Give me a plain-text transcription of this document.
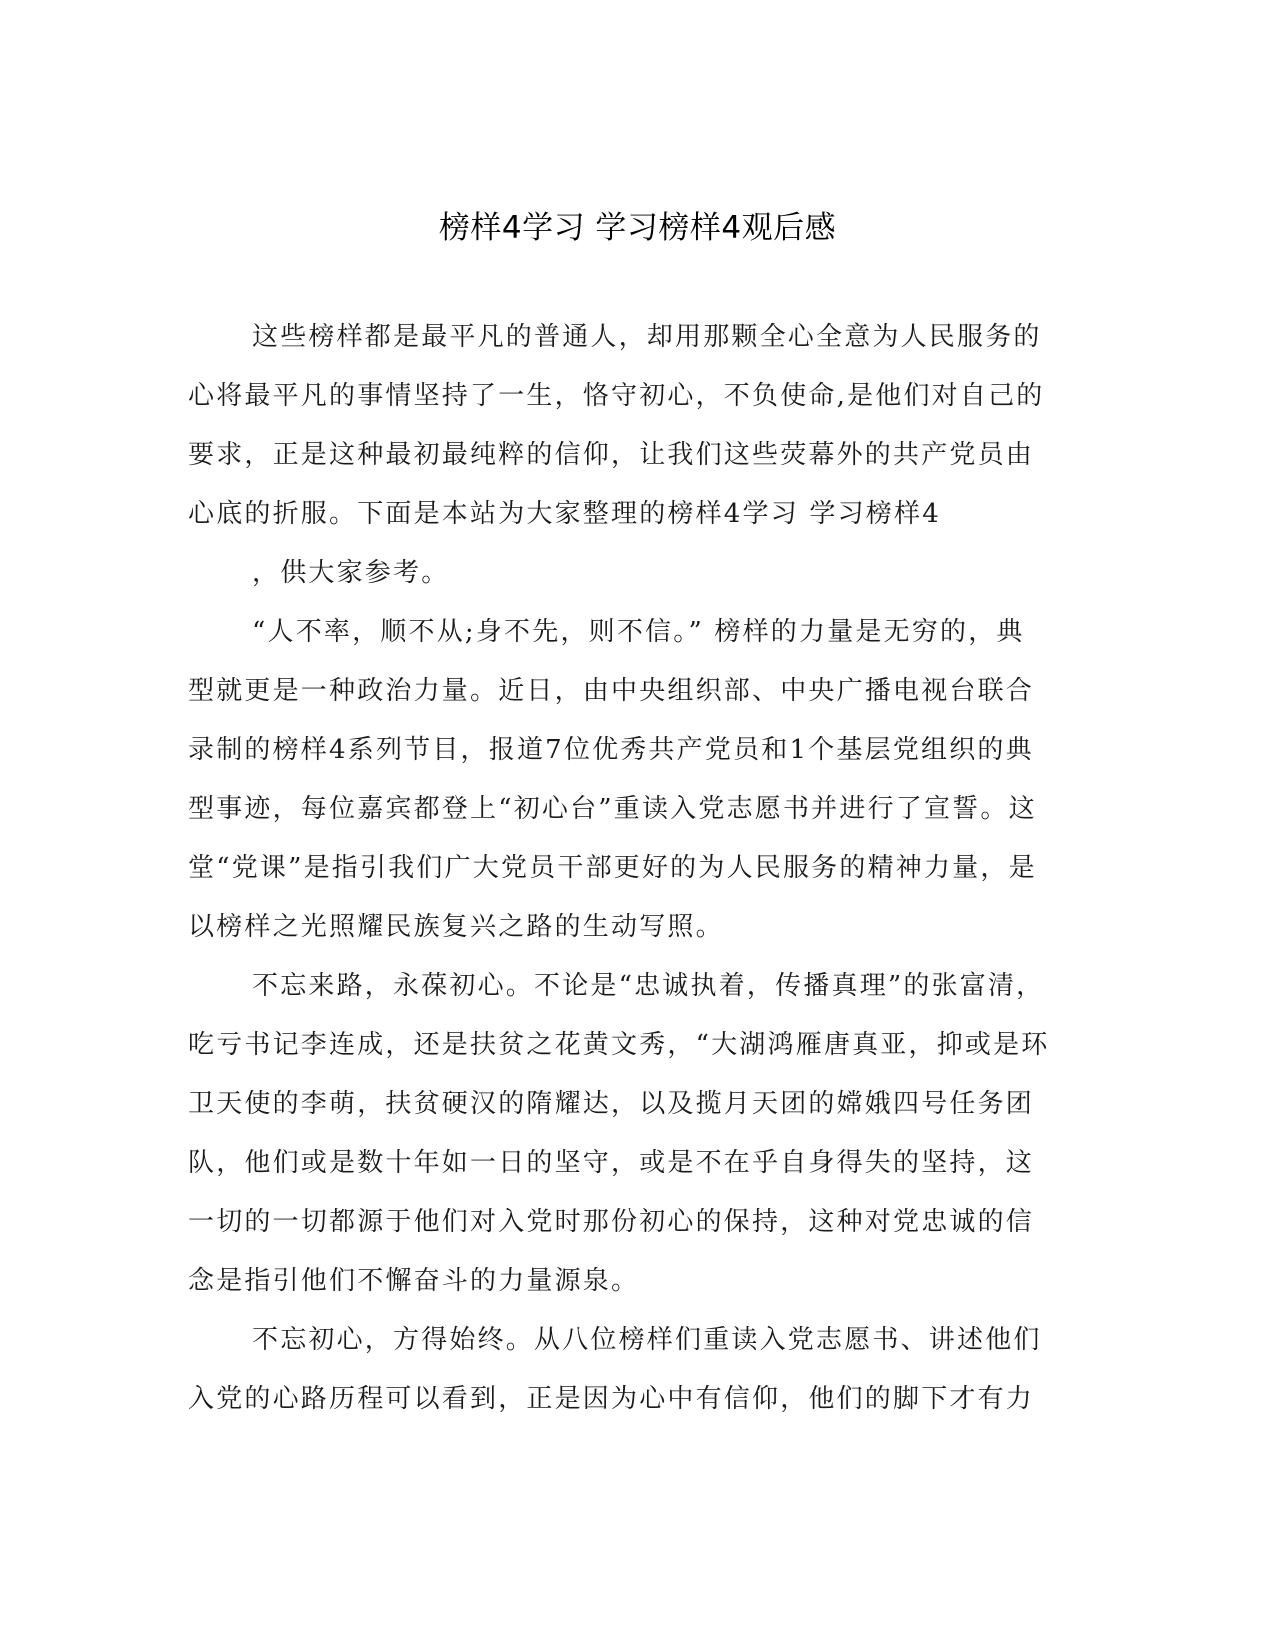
榜样4学习 学习榜样4观后感
这些榜样都是最平凡的普通人，却用那颗全心全意为人民服务的
心将最平凡的事情坚持了一生，恪守初心，不负使命,是他们对自己的
要求，正是这种最初最纯粹的信仰，让我们这些荧幕外的共产党员由
心底的折服。下面是本站为大家整理的榜样4学习 学习榜样4
，供大家参考。
“人不率，顺不从;身不先，则不信。” 榜样的力量是无穷的，典
型就更是一种政治力量。近日，由中央组织部、中央广播电视台联合
录制的榜样4系列节目，报道7位优秀共产党员和1个基层党组织的典
型事迹，每位嘉宾都登上“初心台”重读入党志愿书并进行了宣誓。这
堂“党课”是指引我们广大党员干部更好的为人民服务的精神力量，是
以榜样之光照耀民族复兴之路的生动写照。
不忘来路，永葆初心。不论是“忠诚执着，传播真理”的张富清，
吃亏书记李连成，还是扶贫之花黄文秀，“大湖鸿雁唐真亚，抑或是环
卫天使的李萌，扶贫硬汉的隋耀达，以及揽月天团的嫦娥四号任务团
队，他们或是数十年如一日的坚守，或是不在乎自身得失的坚持，这
一切的一切都源于他们对入党时那份初心的保持，这种对党忠诚的信
念是指引他们不懈奋斗的力量源泉。
不忘初心，方得始终。从八位榜样们重读入党志愿书、讲述他们
入党的心路历程可以看到，正是因为心中有信仰，他们的脚下才有力
